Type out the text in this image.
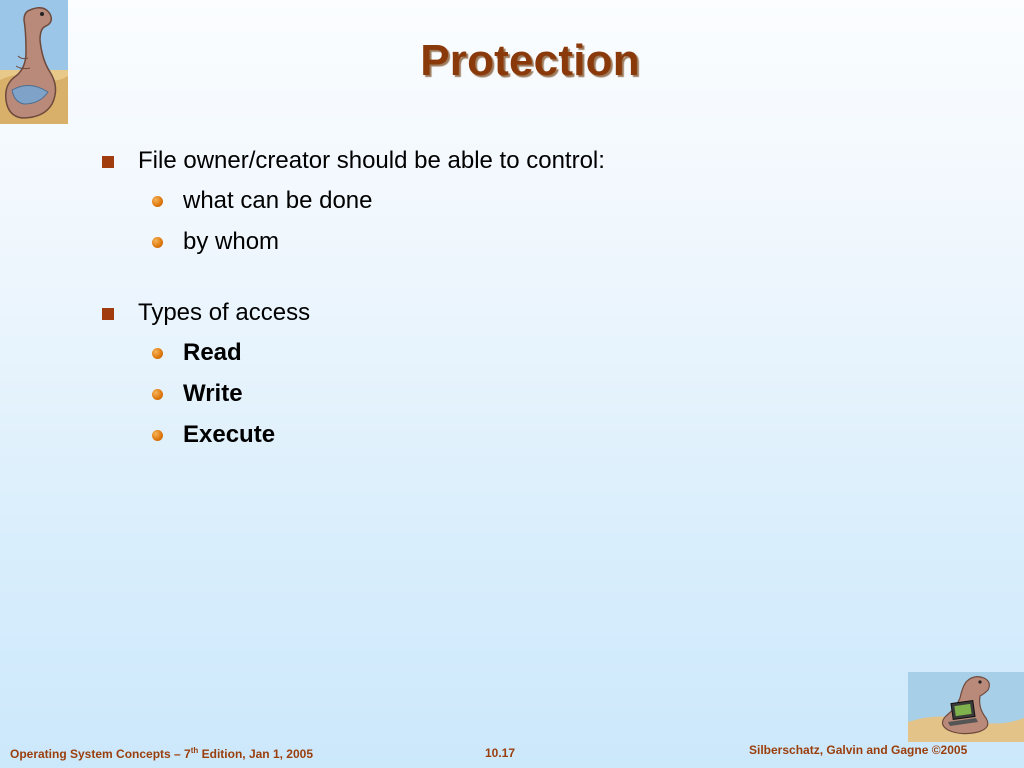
Protection
File owner/creator should be able to control:
what can be done
by whom
Types of access
Read
Write
Execute
Operating System Concepts – 7th Edition, Jan 1, 2005	10.17	Silberschatz, Galvin and Gagne ©2005
